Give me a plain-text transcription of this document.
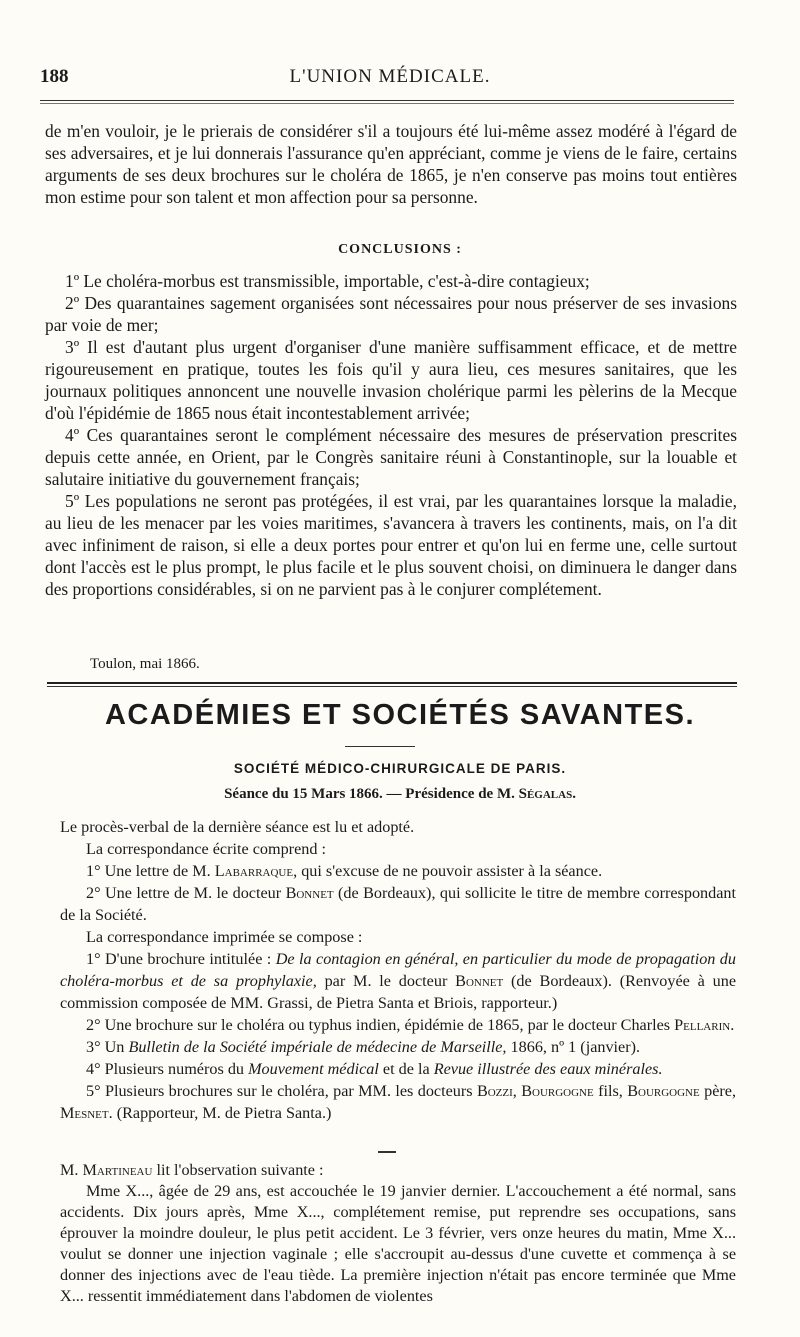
188	L'UNION MÉDICALE.
de m'en vouloir, je le prierais de considérer s'il a toujours été lui-même assez modéré à l'égard de ses adversaires, et je lui donnerais l'assurance qu'en appréciant, comme je viens de le faire, certains arguments de ses deux brochures sur le choléra de 1865, je n'en conserve pas moins tout entières mon estime pour son talent et mon affection pour sa personne.
CONCLUSIONS :

1º Le choléra-morbus est transmissible, importable, c'est-à-dire contagieux;

2º Des quarantaines sagement organisées sont nécessaires pour nous préserver de ses invasions par voie de mer;

3º Il est d'autant plus urgent d'organiser d'une manière suffisamment efficace, et de mettre rigoureusement en pratique, toutes les fois qu'il y aura lieu, ces mesures sanitaires, que les journaux politiques annoncent une nouvelle invasion cholérique parmi les pèlerins de la Mecque d'où l'épidémie de 1865 nous était incontestablement arrivée;

4º Ces quarantaines seront le complément nécessaire des mesures de préservation prescrites depuis cette année, en Orient, par le Congrès sanitaire réuni à Constantinople, sur la louable et salutaire initiative du gouvernement français;

5º Les populations ne seront pas protégées, il est vrai, par les quarantaines lorsque la maladie, au lieu de les menacer par les voies maritimes, s'avancera à travers les continents, mais, on l'a dit avec infiniment de raison, si elle a deux portes pour entrer et qu'on lui en ferme une, celle surtout dont l'accès est le plus prompt, le plus facile et le plus souvent choisi, on diminuera le danger dans des proportions considérables, si on ne parvient pas à le conjurer complétement.

Toulon, mai 1866.
ACADÉMIES ET SOCIÉTÉS SAVANTES.
SOCIÉTÉ MÉDICO-CHIRURGICALE DE PARIS.
Séance du 15 Mars 1866. — Présidence de M. Ségalas.

Le procès-verbal de la dernière séance est lu et adopté.

La correspondance écrite comprend :

1° Une lettre de M. Labarraque, qui s'excuse de ne pouvoir assister à la séance.

2° Une lettre de M. le docteur Bonnet (de Bordeaux), qui sollicite le titre de membre correspondant de la Société.

La correspondance imprimée se compose :

1° D'une brochure intitulée : De la contagion en général, en particulier du mode de propagation du choléra-morbus et de sa prophylaxie, par M. le docteur Bonnet (de Bordeaux). (Renvoyée à une commission composée de MM. Grassi, de Pietra Santa et Briois, rapporteur.)

2° Une brochure sur le choléra ou typhus indien, épidémie de 1865, par le docteur Charles Pellarin.

3° Un Bulletin de la Société impériale de médecine de Marseille, 1866, nº 1 (janvier).

4° Plusieurs numéros du Mouvement médical et de la Revue illustrée des eaux minérales.

5° Plusieurs brochures sur le choléra, par MM. les docteurs Bozzi, Bourgogne fils, Bourgogne père, Mesnet. (Rapporteur, M. de Pietra Santa.)

M. Martineau lit l'observation suivante :

Mme X..., âgée de 29 ans, est accouchée le 19 janvier dernier. L'accouchement a été normal, sans accidents. Dix jours après, Mme X..., complétement remise, put reprendre ses occupations, sans éprouver la moindre douleur, le plus petit accident. Le 3 février, vers onze heures du matin, Mme X... voulut se donner une injection vaginale ; elle s'accroupit au-dessus d'une cuvette et commença à se donner des injections avec de l'eau tiède. La première injection n'était pas encore terminée que Mme X... ressentit immédiatement dans l'abdomen de violentes
